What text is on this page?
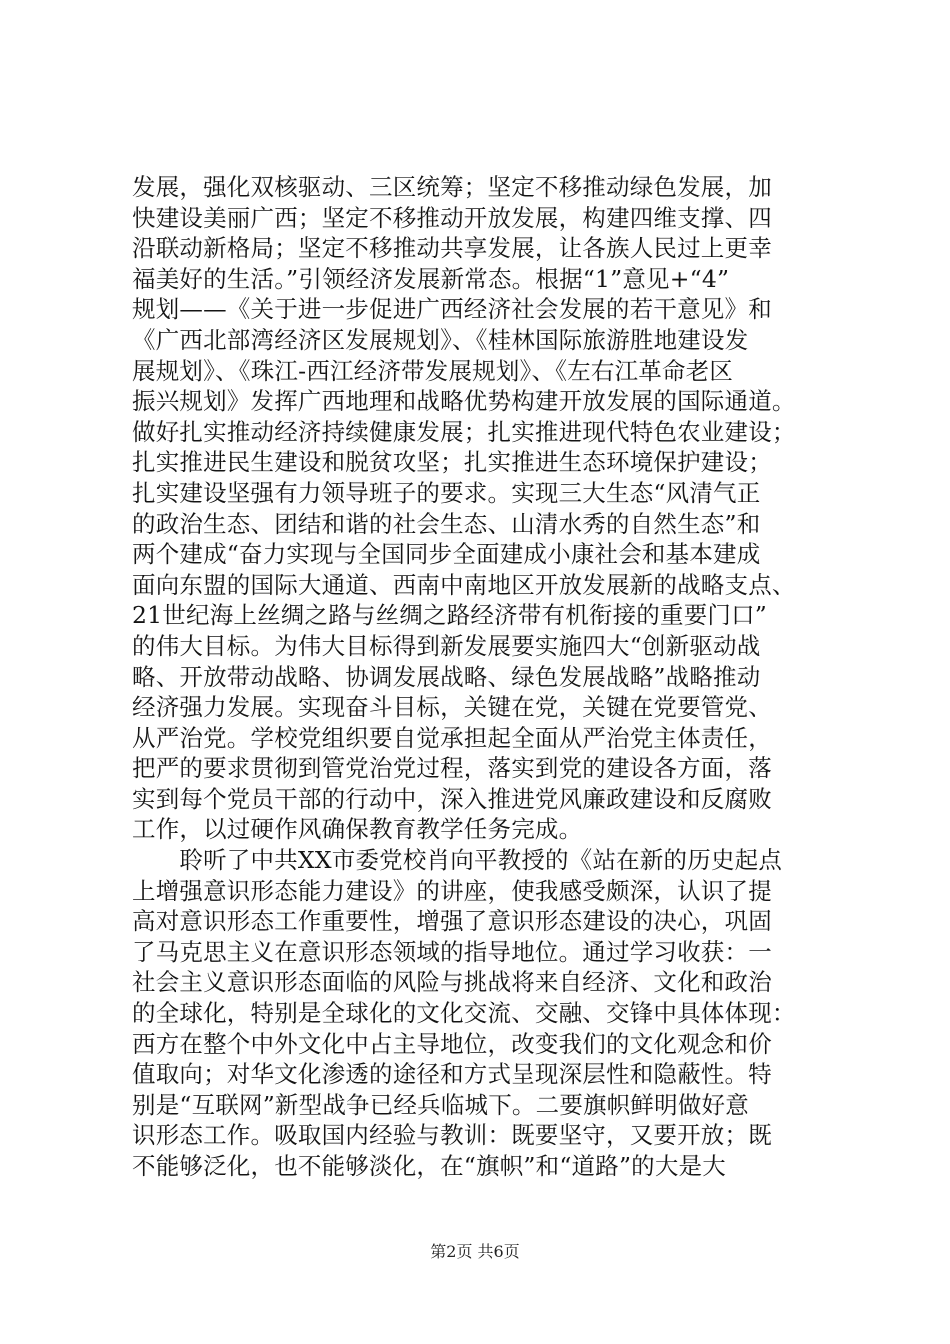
发展，强化双核驱动、三区统筹；坚定不移推动绿色发展，加
快建设美丽广西；坚定不移推动开放发展，构建四维支撑、四
沿联动新格局；坚定不移推动共享发展，让各族人民过上更幸
福美好的生活。”引领经济发展新常态。根据“1”意见+“4”
规划——《关于进一步促进广西经济社会发展的若干意见》和
《广西北部湾经济区发展规划》、《桂林国际旅游胜地建设发
展规划》、《珠江-西江经济带发展规划》、《左右江革命老区
振兴规划》发挥广西地理和战略优势构建开放发展的国际通道。
做好扎实推动经济持续健康发展；扎实推进现代特色农业建设；
扎实推进民生建设和脱贫攻坚；扎实推进生态环境保护建设；
扎实建设坚强有力领导班子的要求。实现三大生态“风清气正
的政治生态、团结和谐的社会生态、山清水秀的自然生态”和
两个建成“奋力实现与全国同步全面建成小康社会和基本建成
面向东盟的国际大通道、西南中南地区开放发展新的战略支点、
21世纪海上丝绸之路与丝绸之路经济带有机衔接的重要门口”
的伟大目标。为伟大目标得到新发展要实施四大“创新驱动战
略、开放带动战略、协调发展战略、绿色发展战略”战略推动
经济强力发展。实现奋斗目标，关键在党，关键在党要管党、
从严治党。学校党组织要自觉承担起全面从严治党主体责任，
把严的要求贯彻到管党治党过程，落实到党的建设各方面，落
实到每个党员干部的行动中，深入推进党风廉政建设和反腐败
工作，以过硬作风确保教育教学任务完成。
　　聆听了中共XX市委党校肖向平教授的《站在新的历史起点
上增强意识形态能力建设》的讲座，使我感受颇深，认识了提
高对意识形态工作重要性，增强了意识形态建设的决心，巩固
了马克思主义在意识形态领域的指导地位。通过学习收获：一
社会主义意识形态面临的风险与挑战将来自经济、文化和政治
的全球化，特别是全球化的文化交流、交融、交锋中具体体现：
西方在整个中外文化中占主导地位，改变我们的文化观念和价
值取向；对华文化渗透的途径和方式呈现深层性和隐蔽性。特
别是“互联网”新型战争已经兵临城下。二要旗帜鲜明做好意
识形态工作。吸取国内经验与教训：既要坚守，又要开放；既
不能够泛化，也不能够淡化，在“旗帜”和“道路”的大是大
第2页 共6页
